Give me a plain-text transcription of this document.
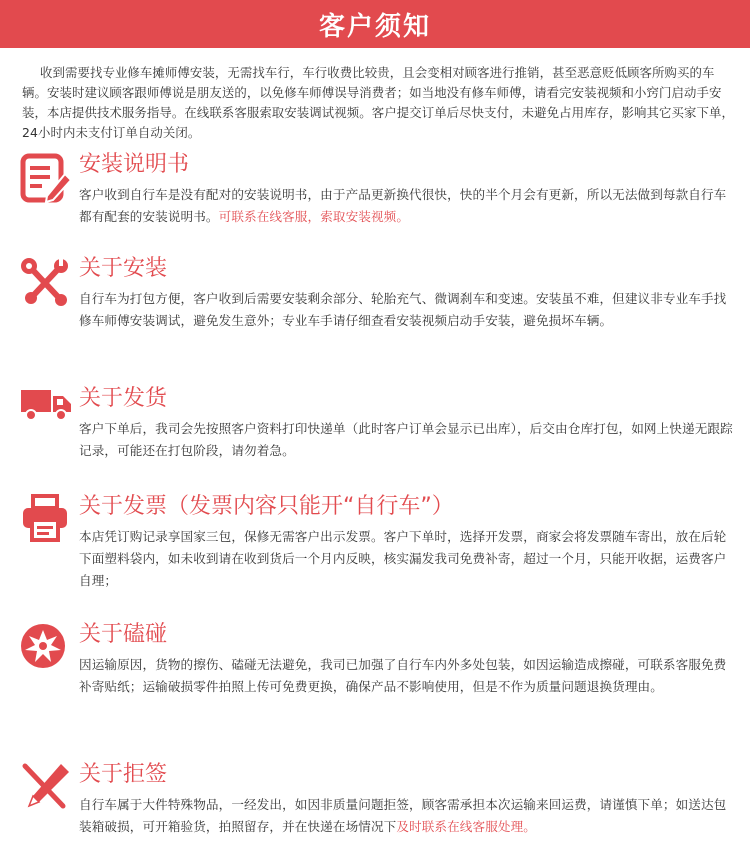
客户须知

收到需要找专业修车摊师傅安装，无需找车行，车行收费比较贵，且会变相对顾客进行推销，甚至恶意贬低顾客所购买的车辆。安装时建议顾客跟师傅说是朋友送的，以免修车师傅误导消费者；如当地没有修车师傅，请看完安装视频和小窍门启动手安装，本店提供技术服务指导。在线联系客服索取安装调试视频。客户提交订单后尽快支付，未避免占用库存，影响其它买家下单，24小时内未支付订单自动关闭。

安装说明书

客户收到自行车是没有配对的安装说明书，由于产品更新换代很快，快的半个月会有更新，所以无法做到每款自行车都有配套的安装说明书。可联系在线客服，索取安装视频。

关于安装

自行车为打包方便，客户收到后需要安装剩余部分、轮胎充气、微调刹车和变速。安装虽不难，但建议非专业车手找修车师傅安装调试，避免发生意外；专业车手请仔细查看安装视频启动手安装，避免损坏车辆。

关于发货

客户下单后，我司会先按照客户资料打印快递单（此时客户订单会显示已出库），后交由仓库打包，如网上快递无跟踪记录，可能还在打包阶段，请勿着急。

关于发票（发票内容只能开“自行车”）

本店凭订购记录享国家三包，保修无需客户出示发票。客户下单时，选择开发票，商家会将发票随车寄出，放在后轮下面塑料袋内，如未收到请在收到货后一个月内反映，核实漏发我司免费补寄，超过一个月，只能开收据，运费客户自理；

关于磕碰

因运输原因，货物的擦伤、磕碰无法避免，我司已加强了自行车内外多处包装，如因运输造成擦碰，可联系客服免费补寄贴纸；运输破损零件拍照上传可免费更换，确保产品不影响使用，但是不作为质量问题退换货理由。

关于拒签

自行车属于大件特殊物品，一经发出，如因非质量问题拒签，顾客需承担本次运输来回运费，请谨慎下单；如送达包装箱破损，可开箱验货，拍照留存，并在快递在场情况下及时联系在线客服处理。
